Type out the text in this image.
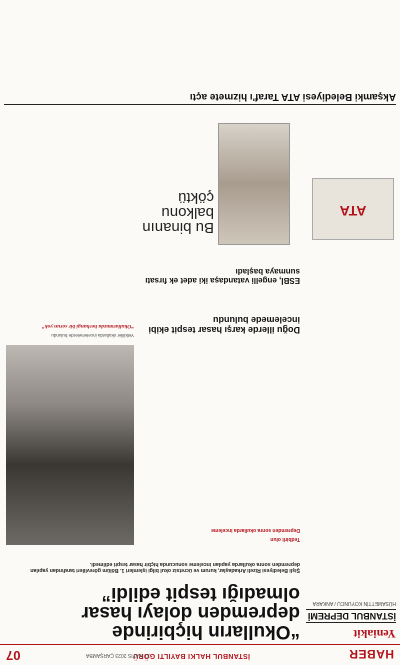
HABER
İSTANBUL HALKI BAYILTI GÖRÜ
31 MAYIS 2023 ÇARŞAMBA
07
Yeniakit
İSTANBUL DEPREMİ
HÜSAMETTİN KOYUNCU / ANKARA
“Okulların hiçbirinde depremden dolayı hasar olmadığı tespit edildi”
Şişli Belediyesi Rizeli Arkadaşlar, kurum ve ücretsiz okul bilgi işlemleri 1. Bölüm görevlileri tarafından yapılan depremden sonra okullarda yapılan inceleme sonucunda hiçbir hasar tespit edilmedi.
Tedbirli olun
Depremden sonra okullarda inceleme
Yetkililer okullarda incelemelerde bulundu
“Okullarımızda herhangi bir sorun yok”	Doğu illerde karşı hasar tespit ekibi incelemede bulundu
ESBİ, engelli vatandaşa iki adet ek fırsatı sunmaya başladı
ATA
Bu binanın balkonu çöktü
Akşamki Belediyesi ATA Taraf'ı hizmete açtı
